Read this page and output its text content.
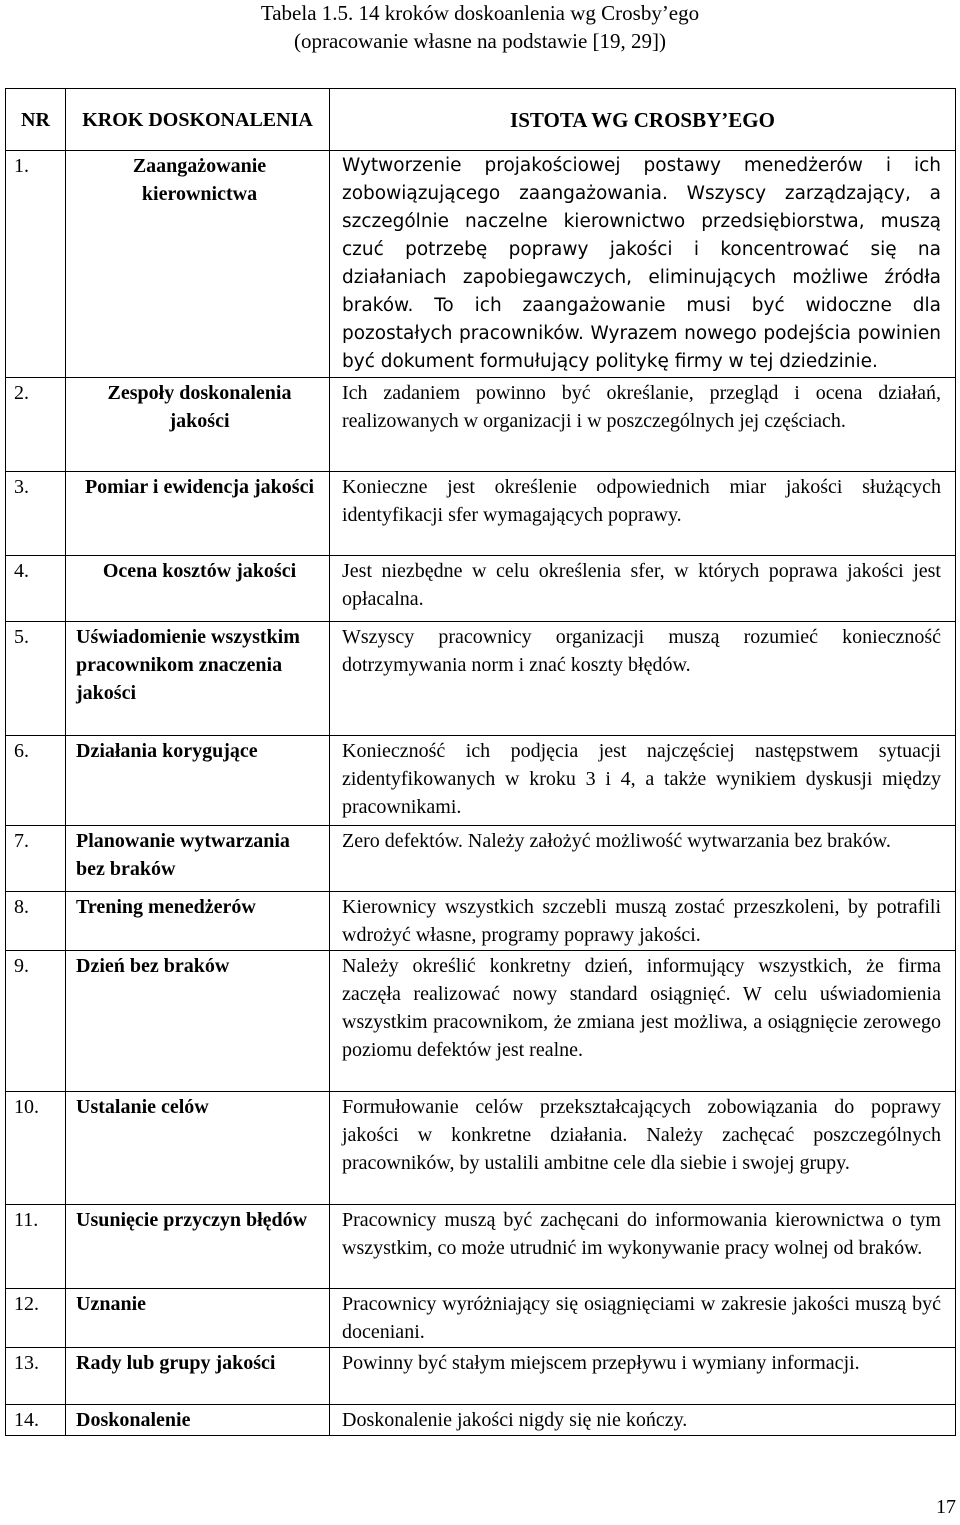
Tabela 1.5. 14 kroków doskoanlenia wg Crosby’ego
(opracowanie własne na podstawie [19, 29])
NR	KROK DOSKONALENIA	ISTOTA WG CROSBY’EGO
1.	Zaangażowanie kierownictwa	Wytworzenie projakościowej postawy menedżerów i ich zobowiązującego zaangażowania. Wszyscy zarządzający, a szczególnie naczelne kierownictwo przedsiębiorstwa, muszą czuć potrzebę poprawy jakości i koncentrować się na działaniach zapobiegawczych, eliminujących możliwe źródła braków. To ich zaangażowanie musi być widoczne dla pozostałych pracowników. Wyrazem nowego podejścia powinien być dokument formułujący politykę firmy w tej dziedzinie.
2.	Zespoły doskonalenia jakości	Ich zadaniem powinno być określanie, przegląd i ocena działań, realizowanych w organizacji i w poszczególnych jej częściach.
3.	Pomiar i ewidencja jakości	Konieczne jest określenie odpowiednich miar jakości służących identyfikacji sfer wymagających poprawy.
4.	Ocena kosztów jakości	Jest niezbędne w celu określenia sfer, w których poprawa jakości jest opłacalna.
5.	Uświadomienie wszystkim pracownikom znaczenia jakości	Wszyscy pracownicy organizacji muszą rozumieć konieczność dotrzymywania norm i znać koszty błędów.
6.	Działania korygujące	Konieczność ich podjęcia jest najczęściej następstwem sytuacji zidentyfikowanych w kroku 3 i 4, a także wynikiem dyskusji między pracownikami.
7.	Planowanie wytwarzania bez braków	Zero defektów. Należy założyć możliwość wytwarzania bez braków.
8.	Trening menedżerów	Kierownicy wszystkich szczebli muszą zostać przeszkoleni, by potrafili wdrożyć własne, programy poprawy jakości.
9.	Dzień bez braków	Należy określić konkretny dzień, informujący wszystkich, że firma zaczęła realizować nowy standard osiągnięć. W celu uświadomienia wszystkim pracownikom, że zmiana jest możliwa, a osiągnięcie zerowego poziomu defektów jest realne.
10.	Ustalanie celów	Formułowanie celów przekształcających zobowiązania do poprawy jakości w konkretne działania. Należy zachęcać poszczególnych pracowników, by ustalili ambitne cele dla siebie i swojej grupy.
11.	Usunięcie przyczyn błędów	Pracownicy muszą być zachęcani do informowania kierownictwa o tym wszystkim, co może utrudnić im wykonywanie pracy wolnej od braków.
12.	Uznanie	Pracownicy wyróżniający się osiągnięciami w zakresie jakości muszą być doceniani.
13.	Rady lub grupy jakości	Powinny być stałym miejscem przepływu i wymiany informacji.
14.	Doskonalenie	Doskonalenie jakości nigdy się nie kończy.
17
